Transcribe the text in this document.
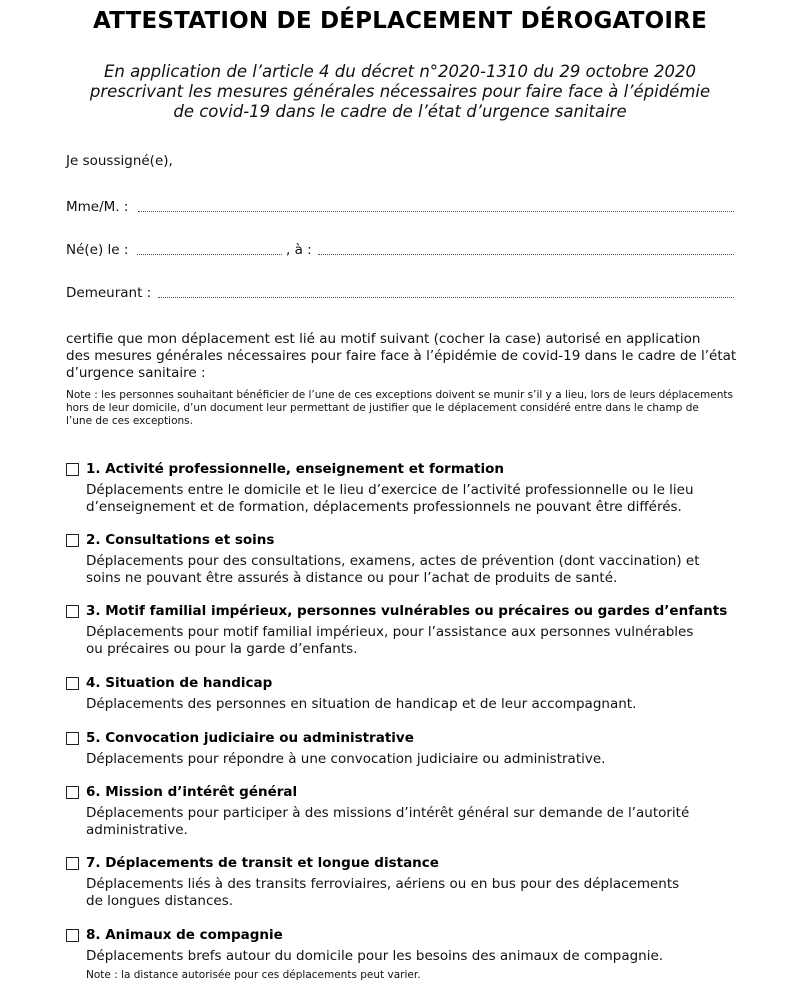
ATTESTATION DE DÉPLACEMENT DÉROGATOIRE
En application de l’article 4 du décret n°2020-1310 du 29 octobre 2020
prescrivant les mesures générales nécessaires pour faire face à l’épidémie
de covid-19 dans le cadre de l’état d’urgence sanitaire
Je soussigné(e),
Mme/M. :
Né(e) le :	, à :
Demeurant :
certifie que mon déplacement est lié au motif suivant (cocher la case) autorisé en application
des mesures générales nécessaires pour faire face à l’épidémie de covid-19 dans le cadre de l’état
d’urgence sanitaire :
Note : les personnes souhaitant bénéficier de l’une de ces exceptions doivent se munir s’il y a lieu, lors de leurs déplacements
hors de leur domicile, d’un document leur permettant de justifier que le déplacement considéré entre dans le champ de
l’une de ces exceptions.
1. Activité professionnelle, enseignement et formation
Déplacements entre le domicile et le lieu d’exercice de l’activité professionnelle ou le lieu
d’enseignement et de formation, déplacements professionnels ne pouvant être différés.
2. Consultations et soins
Déplacements pour des consultations, examens, actes de prévention (dont vaccination) et
soins ne pouvant être assurés à distance ou pour l’achat de produits de santé.
3. Motif familial impérieux, personnes vulnérables ou précaires ou gardes d’enfants
Déplacements pour motif familial impérieux, pour l’assistance aux personnes vulnérables
ou précaires ou pour la garde d’enfants.
4. Situation de handicap
Déplacements des personnes en situation de handicap et de leur accompagnant.
5. Convocation judiciaire ou administrative
Déplacements pour répondre à une convocation judiciaire ou administrative.
6. Mission d’intérêt général
Déplacements pour participer à des missions d’intérêt général sur demande de l’autorité
administrative.
7. Déplacements de transit et longue distance
Déplacements liés à des transits ferroviaires, aériens ou en bus pour des déplacements
de longues distances.
8. Animaux de compagnie
Déplacements brefs autour du domicile pour les besoins des animaux de compagnie.
Note : la distance autorisée pour ces déplacements peut varier.
